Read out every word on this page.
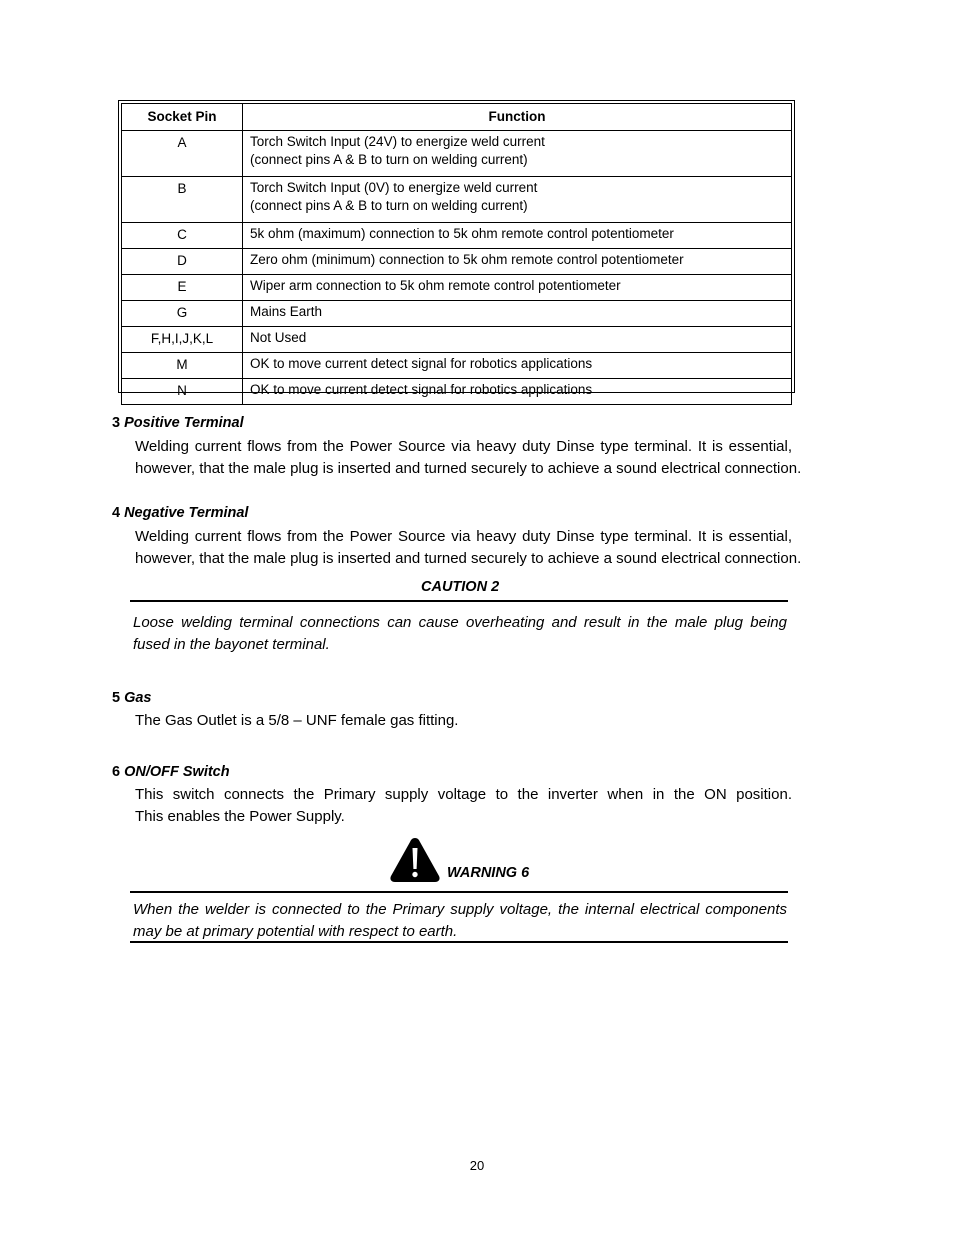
Socket Pin	Function
A	Torch Switch Input (24V) to energize weld current
(connect pins A & B to turn on welding current)

B	Torch Switch Input (0V) to energize weld current
(connect pins A & B to turn on welding current)

C	5k ohm (maximum) connection to 5k ohm remote control potentiometer

D	Zero ohm (minimum) connection to 5k ohm remote control potentiometer

E	Wiper arm connection to 5k ohm remote control potentiometer

G	Mains Earth

F,H,I,J,K,L	Not Used

M	OK to move current detect signal for robotics applications

N	OK to move current detect signal for robotics applications
3 Positive Terminal
Welding current flows from the Power Source via heavy duty Dinse type terminal. It is essential,
however, that the male plug is inserted and turned securely to achieve a sound electrical connection.
4 Negative Terminal
Welding current flows from the Power Source via heavy duty Dinse type terminal. It is essential,
however, that the male plug is inserted and turned securely to achieve a sound electrical connection.
CAUTION 2
Loose welding terminal connections can cause overheating and result in the male plug being
fused in the bayonet terminal.
5 Gas
The Gas Outlet is a 5/8 – UNF female gas fitting.
6 ON/OFF Switch
This switch connects the Primary supply voltage to the inverter when in the ON position.
This enables the Power Supply.
WARNING 6
When the welder is connected to the Primary supply voltage, the internal electrical components
may be at primary potential with respect to earth.
20
